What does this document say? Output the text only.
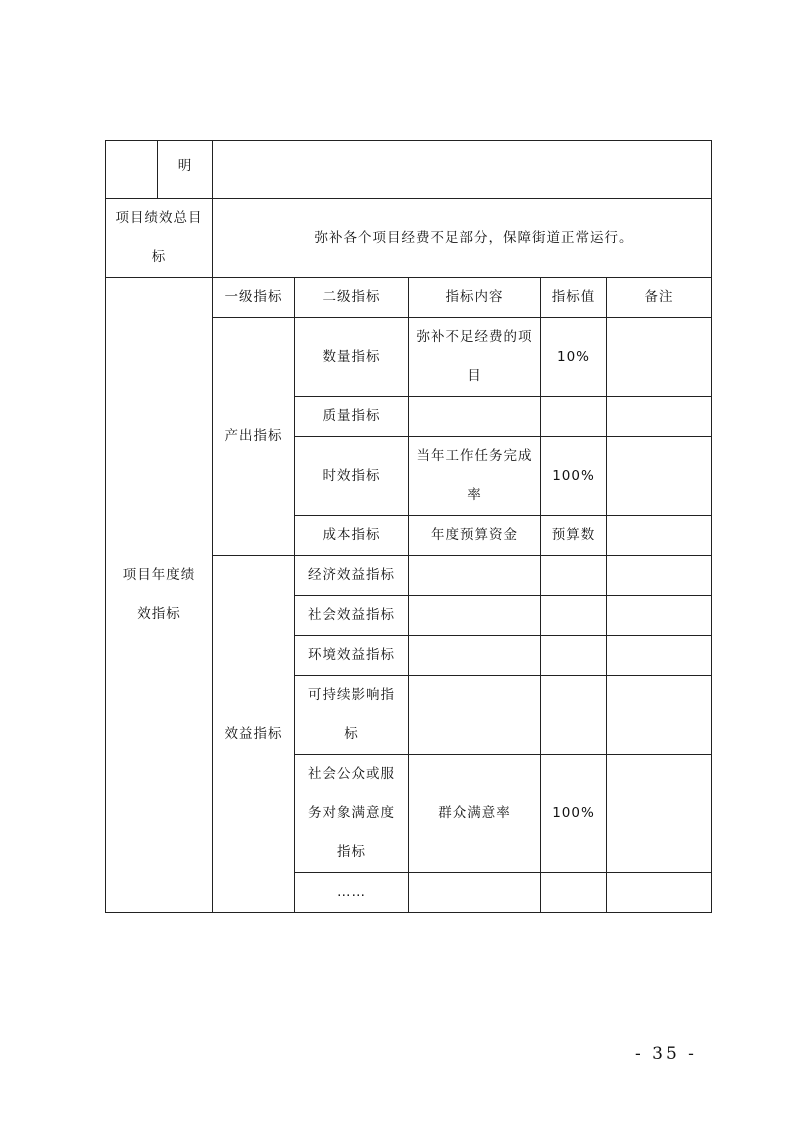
	明					
项目绩效总目标		弥补各个项目经费不足部分，保障街道正常运行。				
项目年度绩效指标		一级指标	二级指标	指标内容	指标值	备注
		产出指标	数量指标	弥补不足经费的项目	10%	
			质量指标			
			时效指标	当年工作任务完成率	100%	
			成本指标	年度预算资金	预算数	
		效益指标	经济效益指标			
			社会效益指标			
			环境效益指标			
			可持续影响指标			
			社会公众或服务对象满意度指标	群众满意率	100%	
			……			
- 35 -
